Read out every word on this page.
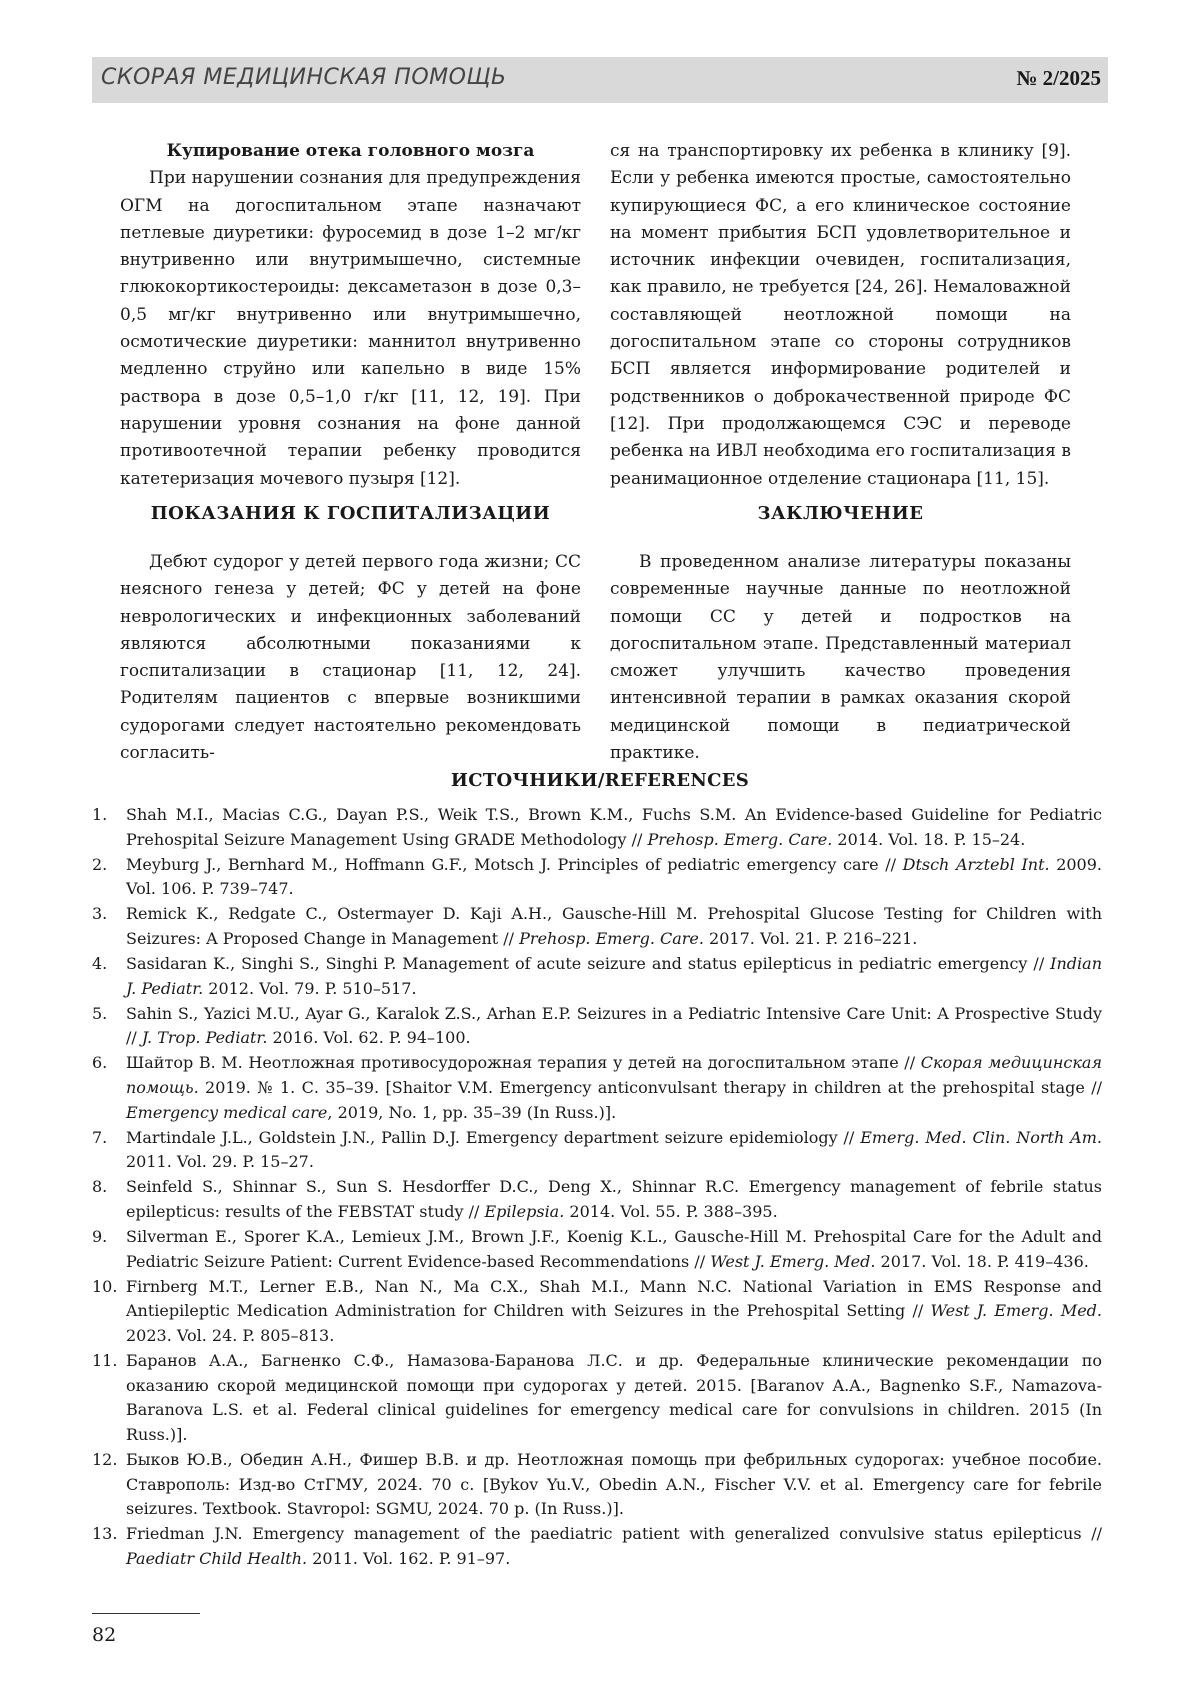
СКОРАЯ МЕДИЦИНСКАЯ ПОМОЩЬ	№ 2/2025

Купирование отека головного мозга

При нарушении сознания для предупреждения ОГМ на догоспитальном этапе назначают петлевые диуретики: фуросемид в дозе 1–2 мг/кг внутривенно или внутримышечно, системные глюкокортикостероиды: дексаметазон в дозе 0,3–0,5 мг/кг внутривенно или внутримышечно, осмотические диуретики: маннитол внутривенно медленно струйно или капельно в виде 15% раствора в дозе 0,5–1,0 г/кг [11, 12, 19]. При нарушении уровня сознания на фоне данной противоотечной терапии ребенку проводится катетеризация мочевого пузыря [12].

ся на транспортировку их ребенка в клинику [9]. Если у ребенка имеются простые, самостоятельно купирующиеся ФС, а его клиническое состояние на момент прибытия БСП удовлетворительное и источник инфекции очевиден, госпитализация, как правило, не требуется [24, 26]. Немаловажной составляющей неотложной помощи на догоспитальном этапе со стороны сотрудников БСП является информирование родителей и родственников о доброкачественной природе ФС [12]. При продолжающемся СЭС и переводе ребенка на ИВЛ необходима его госпитализация в реанимационное отделение стационара [11, 15].

ПОКАЗАНИЯ К ГОСПИТАЛИЗАЦИИ

Дебют судорог у детей первого года жизни; СС неясного генеза у детей; ФС у детей на фоне неврологических и инфекционных заболеваний являются абсолютными показаниями к госпитализации в стационар [11, 12, 24]. Родителям пациентов с впервые возникшими судорогами следует настоятельно рекомендовать согласить-

ЗАКЛЮЧЕНИЕ

В проведенном анализе литературы показаны современные научные данные по неотложной помощи СС у детей и подростков на догоспитальном этапе. Представленный материал сможет улучшить качество проведения интенсивной терапии в рамках оказания скорой медицинской помощи в педиатрической практике.

ИСТОЧНИКИ/REFERENCES
1. Shah M.I., Macias C.G., Dayan P.S., Weik T.S., Brown K.M., Fuchs S.M. An Evidence-based Guideline for Pediatric Prehospital Seizure Management Using GRADE Methodology // Prehosp. Emerg. Care. 2014. Vol. 18. P. 15–24.
2. Meyburg J., Bernhard M., Hoffmann G.F., Motsch J. Principles of pediatric emergency care // Dtsch Arztebl Int. 2009. Vol. 106. P. 739–747.
3. Remick K., Redgate C., Ostermayer D. Kaji A.H., Gausche-Hill M. Prehospital Glucose Testing for Children with Seizures: A Proposed Change in Management // Prehosp. Emerg. Care. 2017. Vol. 21. P. 216–221.
4. Sasidaran K., Singhi S., Singhi P. Management of acute seizure and status epilepticus in pediatric emergency // Indian J. Pediatr. 2012. Vol. 79. P. 510–517.
5. Sahin S., Yazici M.U., Ayar G., Karalok Z.S., Arhan E.P. Seizures in a Pediatric Intensive Care Unit: A Prospective Study // J. Trop. Pediatr. 2016. Vol. 62. P. 94–100.
6. Шайтор В. М. Неотложная противосудорожная терапия у детей на догоспитальном этапе // Скорая медицинская помощь. 2019. № 1. С. 35–39. [Shaitor V.M. Emergency anticonvulsant therapy in children at the prehospital stage // Emergency medical care, 2019, No. 1, pp. 35–39 (In Russ.)].
7. Martindale J.L., Goldstein J.N., Pallin D.J. Emergency department seizure epidemiology // Emerg. Med. Clin. North Am. 2011. Vol. 29. P. 15–27.
8. Seinfeld S., Shinnar S., Sun S. Hesdorffer D.C., Deng X., Shinnar R.C. Emergency management of febrile status epilepticus: results of the FEBSTAT study // Epilepsia. 2014. Vol. 55. P. 388–395.
9. Silverman E., Sporer K.A., Lemieux J.M., Brown J.F., Koenig K.L., Gausche-Hill M. Prehospital Care for the Adult and Pediatric Seizure Patient: Current Evidence-based Recommendations // West J. Emerg. Med. 2017. Vol. 18. P. 419–436.
10. Firnberg M.T., Lerner E.B., Nan N., Ma C.X., Shah M.I., Mann N.C. National Variation in EMS Response and Antiepileptic Medication Administration for Children with Seizures in the Prehospital Setting // West J. Emerg. Med. 2023. Vol. 24. P. 805–813.
11. Баранов А.А., Багненко С.Ф., Намазова-Баранова Л.С. и др. Федеральные клинические рекомендации по оказанию скорой медицинской помощи при судорогах у детей. 2015. [Baranov A.A., Bagnenko S.F., Namazova-Baranova L.S. et al. Federal clinical guidelines for emergency medical care for convulsions in children. 2015 (In Russ.)].
12. Быков Ю.В., Обедин А.Н., Фишер В.В. и др. Неотложная помощь при фебрильных судорогах: учебное пособие. Ставрополь: Изд-во СтГМУ, 2024. 70 с. [Bykov Yu.V., Obedin A.N., Fischer V.V. et al. Emergency care for febrile seizures. Textbook. Stavropol: SGMU, 2024. 70 p. (In Russ.)].
13. Friedman J.N. Emergency management of the paediatric patient with generalized convulsive status epilepticus // Paediatr Child Health. 2011. Vol. 162. P. 91–97.
82
